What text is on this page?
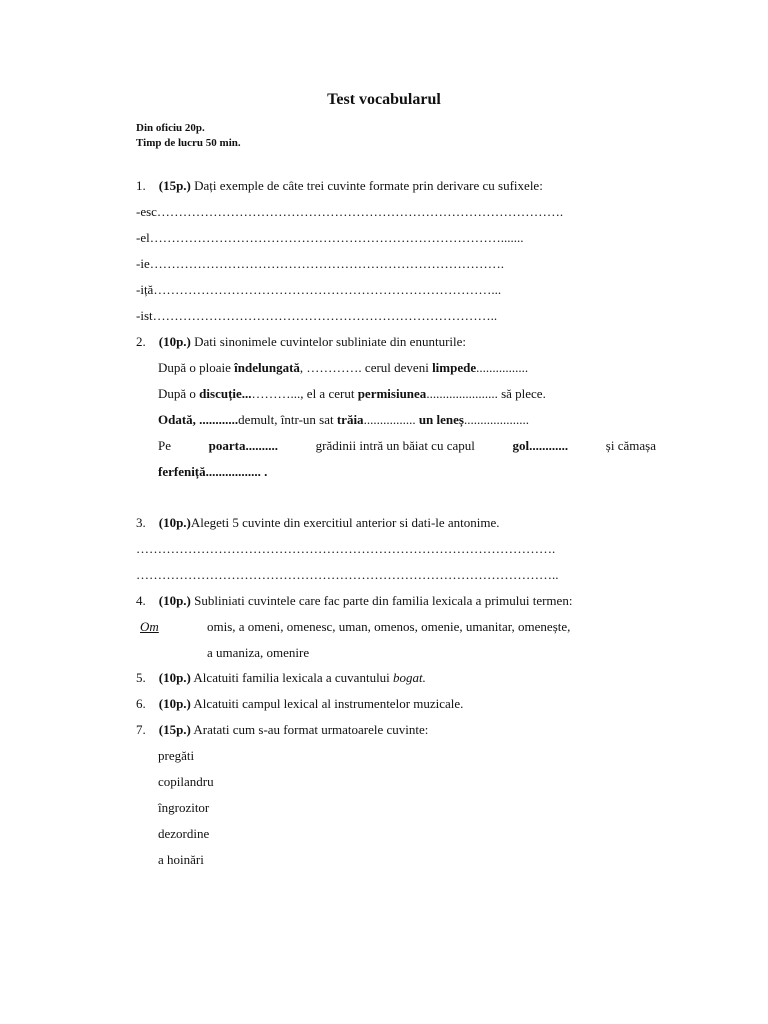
Test vocabularul
Din oficiu 20p.
Timp de lucru 50 min.
1. (15p.) Dați exemple de câte trei cuvinte formate prin derivare cu sufixele:
-esc………………………………………………………………………………….
-el……………………………………………………………………….......
-ie……………………………………………………………………….
-iță……………………………………………………………………...
-ist……………………………………………………………………..
2. (10p.) Dati sinonimele cuvintelor subliniate din enunturile:
După o ploaie îndelungată, …………. cerul deveni limpede................
După o discuție...………..., el a cerut permisiunea...................... să plece.
Odată, ............demult, într-un sat trăia................ un leneș....................
Pe	poarta..........	grădinii intră un băiat cu capul	gol............	și cămașa
ferfeniță................. .
3. (10p.)Alegeti 5 cuvinte din exercitiul anterior si dati-le antonime.
…………………………………………………………………………………….
……………………………………………………………………………………..
4. (10p.) Subliniati cuvintele care fac parte din familia lexicala a primului termen:
Om	omis, a omeni, omenesc, uman, omenos, omenie, umanitar, omenește,
a umaniza, omenire
5. (10p.) Alcatuiti familia lexicala a cuvantului bogat.
6. (10p.) Alcatuiti campul lexical al instrumentelor muzicale.
7. (15p.) Aratati cum s-au format urmatoarele cuvinte:
pregăti
copilandru
îngrozitor
dezordine
a hoinări
